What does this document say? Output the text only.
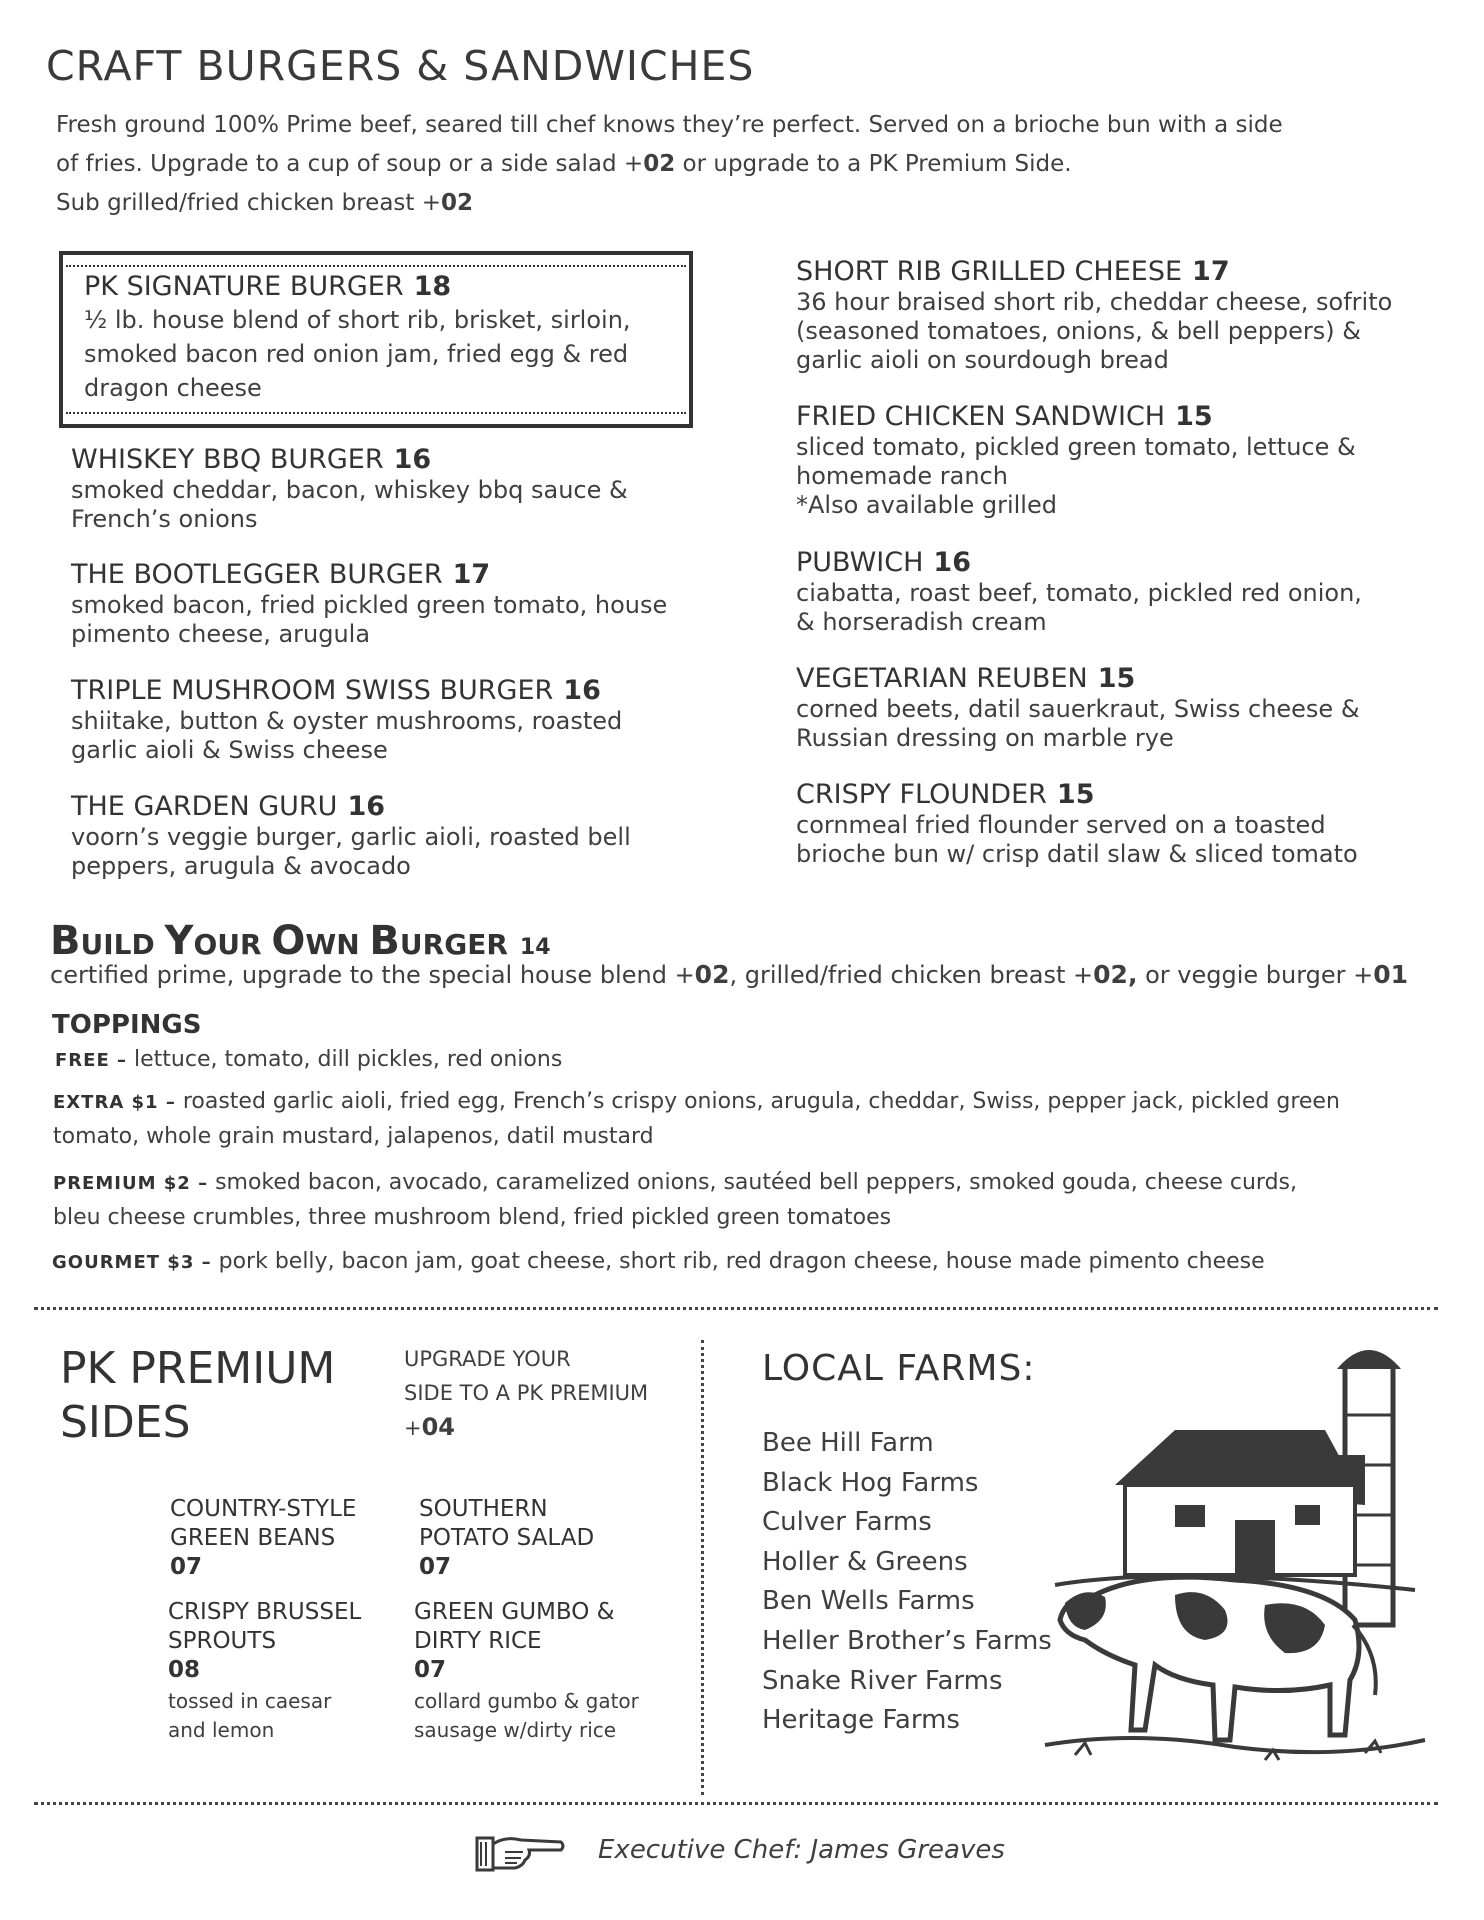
CRAFT BURGERS & SANDWICHES
Fresh ground 100% Prime beef, seared till chef knows they’re perfect. Served on a brioche bun with a side
of fries. Upgrade to a cup of soup or a side salad +02 or upgrade to a PK Premium Side.
Sub grilled/fried chicken breast +02
PK SIGNATURE BURGER 18
½ lb. house blend of short rib, brisket, sirloin,
smoked bacon red onion jam, fried egg & red
dragon cheese
WHISKEY BBQ BURGER 16
smoked cheddar, bacon, whiskey bbq sauce &
French’s onions
THE BOOTLEGGER BURGER 17
smoked bacon, fried pickled green tomato, house
pimento cheese, arugula
TRIPLE MUSHROOM SWISS BURGER 16
shiitake, button & oyster mushrooms, roasted
garlic aioli & Swiss cheese
THE GARDEN GURU 16
voorn’s veggie burger, garlic aioli, roasted bell
peppers, arugula & avocado
SHORT RIB GRILLED CHEESE 17
36 hour braised short rib, cheddar cheese, sofrito
(seasoned tomatoes, onions, & bell peppers) &
garlic aioli on sourdough bread
FRIED CHICKEN SANDWICH 15
sliced tomato, pickled green tomato, lettuce &
homemade ranch
*Also available grilled
PUBWICH 16
ciabatta, roast beef, tomato, pickled red onion,
& horseradish cream
VEGETARIAN REUBEN 15
corned beets, datil sauerkraut, Swiss cheese &
Russian dressing on marble rye
CRISPY FLOUNDER 15
cornmeal fried flounder served on a toasted
brioche bun w/ crisp datil slaw & sliced tomato
BUILD YOUR OWN BURGER 14
certified prime, upgrade to the special house blend +02, grilled/fried chicken breast +02, or veggie burger +01
TOPPINGS
FREE – lettuce, tomato, dill pickles, red onions
EXTRA $1 – roasted garlic aioli, fried egg, French’s crispy onions, arugula, cheddar, Swiss, pepper jack, pickled green
tomato, whole grain mustard, jalapenos, datil mustard
PREMIUM $2 – smoked bacon, avocado, caramelized onions, sautéed bell peppers, smoked gouda, cheese curds,
bleu cheese crumbles, three mushroom blend, fried pickled green tomatoes
GOURMET $3 – pork belly, bacon jam, goat cheese, short rib, red dragon cheese, house made pimento cheese
PK PREMIUM
SIDES
UPGRADE YOUR
SIDE TO A PK PREMIUM
+04
COUNTRY-STYLE
GREEN BEANS
07
SOUTHERN
POTATO SALAD
07
CRISPY BRUSSEL
SPROUTS
08
tossed in caesar
and lemon
GREEN GUMBO &
DIRTY RICE
07
collard gumbo & gator
sausage w/dirty rice
LOCAL FARMS:
Bee Hill Farm
Black Hog Farms
Culver Farms
Holler & Greens
Ben Wells Farms
Heller Brother’s Farms
Snake River Farms
Heritage Farms
Executive Chef: James Greaves
